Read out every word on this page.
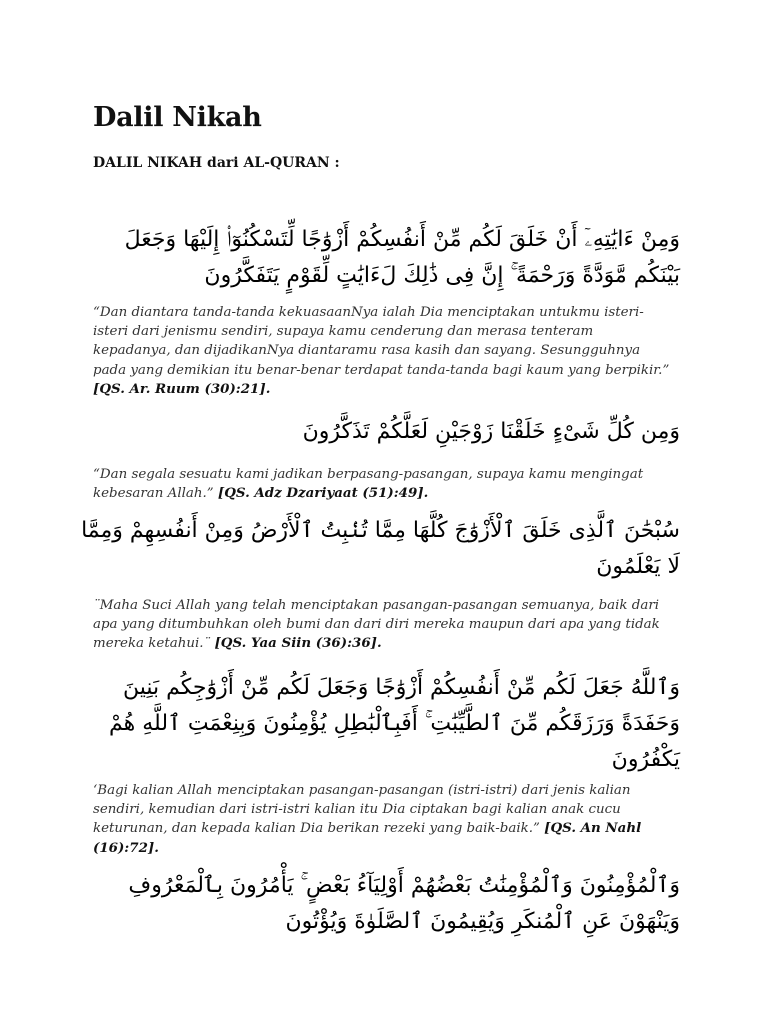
Dalil Nikah

DALIL NIKAH dari AL-QURAN :

وَمِنْ ءَايَٰتِهِۦٓ أَنْ خَلَقَ لَكُم مِّنْ أَنفُسِكُمْ أَزْوَٰجًا لِّتَسْكُنُوٓا۟ إِلَيْهَا وَجَعَلَ بَيْنَكُم مَّوَدَّةً وَرَحْمَةً ۚ إِنَّ فِى ذَٰلِكَ لَءَايَٰتٍ لِّقَوْمٍ يَتَفَكَّرُونَ

“Dan diantara tanda-tanda kekuasaanNya ialah Dia menciptakan untukmu isteri-isteri dari jenismu sendiri, supaya kamu cenderung dan merasa tenteram kepadanya, dan dijadikanNya diantaramu rasa kasih dan sayang. Sesungguhnya pada yang demikian itu benar-benar terdapat tanda-tanda bagi kaum yang berpikir.” [QS. Ar. Ruum (30):21].

وَمِن كُلِّ شَىْءٍ خَلَقْنَا زَوْجَيْنِ لَعَلَّكُمْ تَذَكَّرُونَ

“Dan segala sesuatu kami jadikan berpasang-pasangan, supaya kamu mengingat kebesaran Allah.” [QS. Adz Dzariyaat (51):49].

سُبْحَٰنَ ٱلَّذِى خَلَقَ ٱلْأَزْوَٰجَ كُلَّهَا مِمَّا تُنۢبِتُ ٱلْأَرْضُ وَمِنْ أَنفُسِهِمْ وَمِمَّا لَا يَعْلَمُونَ

¨Maha Suci Allah yang telah menciptakan pasangan-pasangan semuanya, baik dari apa yang ditumbuhkan oleh bumi dan dari diri mereka maupun dari apa yang tidak mereka ketahui.¨ [QS. Yaa Siin (36):36].

وَٱللَّهُ جَعَلَ لَكُم مِّنْ أَنفُسِكُمْ أَزْوَٰجًا وَجَعَلَ لَكُم مِّنْ أَزْوَٰجِكُم بَنِينَ وَحَفَدَةً وَرَزَقَكُم مِّنَ ٱلطَّيِّبَٰتِ ۚ أَفَبِٱلْبَٰطِلِ يُؤْمِنُونَ وَبِنِعْمَتِ ٱللَّهِ هُمْ يَكْفُرُونَ

‘Bagi kalian Allah menciptakan pasangan-pasangan (istri-istri) dari jenis kalian sendiri, kemudian dari istri-istri kalian itu Dia ciptakan bagi kalian anak cucu keturunan, dan kepada kalian Dia berikan rezeki yang baik-baik.” [QS. An Nahl (16):72].

وَٱلْمُؤْمِنُونَ وَٱلْمُؤْمِنَٰتُ بَعْضُهُمْ أَوْلِيَآءُ بَعْضٍ ۚ يَأْمُرُونَ بِٱلْمَعْرُوفِ وَيَنْهَوْنَ عَنِ ٱلْمُنكَرِ وَيُقِيمُونَ ٱلصَّلَوٰةَ وَيُؤْتُونَ
